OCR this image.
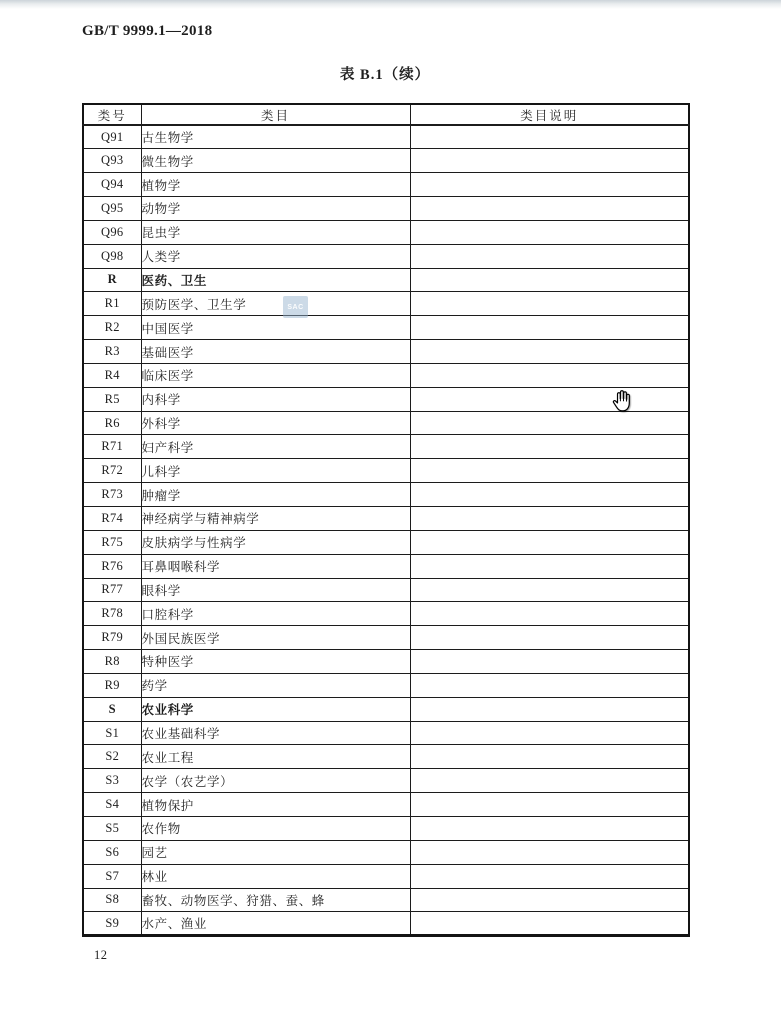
GB/T 9999.1—2018
表 B.1（续）
类号	类目	类目说明
Q91	古生物学	
Q93	微生物学	
Q94	植物学	
Q95	动物学	
Q96	昆虫学	
Q98	人类学	
R	医药、卫生	
R1	预防医学、卫生学	
R2	中国医学	
R3	基础医学	
R4	临床医学	
R5	内科学	
R6	外科学	
R71	妇产科学	
R72	儿科学	
R73	肿瘤学	
R74	神经病学与精神病学	
R75	皮肤病学与性病学	
R76	耳鼻咽喉科学	
R77	眼科学	
R78	口腔科学	
R79	外国民族医学	
R8	特种医学	
R9	药学	
S	农业科学	
S1	农业基础科学	
S2	农业工程	
S3	农学（农艺学）	
S4	植物保护	
S5	农作物	
S6	园艺	
S7	林业	
S8	畜牧、动物医学、狩猎、蚕、蜂	
S9	水产、渔业	
SAC
12
